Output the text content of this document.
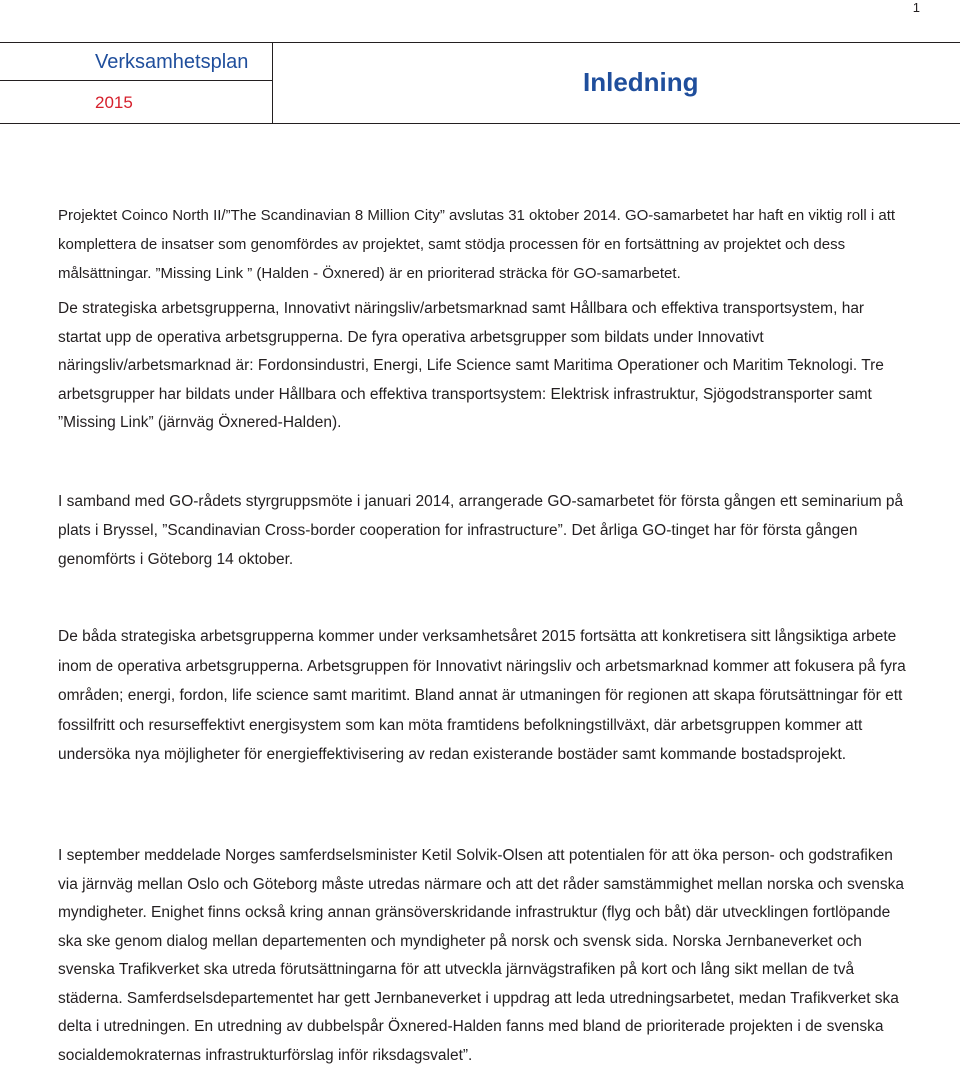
1
Verksamhetsplan
2015
Inledning

Projektet Coinco North II/”The Scandinavian 8 Million City” avslutas 31 oktober 2014. GO-samarbetet har haft en viktig roll i att komplettera de insatser som genomfördes av projektet, samt stödja processen för en fortsättning av projektet och dess målsättningar. ”Missing Link ” (Halden - Öxnered) är en prioriterad sträcka för GO-samarbetet.

De strategiska arbetsgrupperna, Innovativt näringsliv/arbetsmarknad samt Hållbara och effektiva transportsystem, har startat upp de operativa arbetsgrupperna. De fyra operativa arbetsgrupper som bildats under Innovativt näringsliv/arbetsmarknad är: Fordonsindustri, Energi, Life Science samt Maritima Operationer och Maritim Teknologi. Tre arbetsgrupper har bildats under Hållbara och effektiva transportsystem: Elektrisk infrastruktur, Sjögodstransporter samt ”Missing Link” (järnväg Öxnered-Halden).

I samband med GO-rådets styrgruppsmöte i januari 2014, arrangerade GO-samarbetet för första gången ett seminarium på plats i Bryssel, ”Scandinavian Cross-border cooperation for infrastructure”. Det årliga GO-tinget har för första gången genomförts i Göteborg 14 oktober.

De båda strategiska arbetsgrupperna kommer under verksamhetsåret 2015 fortsätta att konkretisera sitt långsiktiga arbete inom de operativa arbetsgrupperna. Arbetsgruppen för Innovativt näringsliv och arbetsmarknad kommer att fokusera på fyra områden; energi, fordon, life science samt maritimt. Bland annat är utmaningen för regionen att skapa förutsättningar för ett fossilfritt och resurseffektivt energisystem som kan möta framtidens befolkningstillväxt, där arbetsgruppen kommer att undersöka nya möjligheter för energieffektivisering av redan existerande bostäder samt kommande bostadsprojekt.

I september meddelade Norges samferdselsminister Ketil Solvik-Olsen att potentialen för att öka person- och godstrafiken via järnväg mellan Oslo och Göteborg måste utredas närmare och att det råder samstämmighet mellan norska och svenska myndigheter. Enighet finns också kring annan gränsöverskridande infrastruktur (flyg och båt) där utvecklingen fortlöpande ska ske genom dialog mellan departementen och myndigheter på norsk och svensk sida. Norska Jernbaneverket och svenska Trafikverket ska utreda förutsättningarna för att utveckla järnvägstrafiken på kort och lång sikt mellan de två städerna. Samferdselsdepartementet har gett Jernbaneverket i uppdrag att leda utredningsarbetet, medan Trafikverket ska delta i utredningen. En utredning av dubbelspår Öxnered-Halden fanns med bland de prioriterade projekten i de svenska socialdemokraternas infrastrukturförslag inför riksdagsvalet”.
